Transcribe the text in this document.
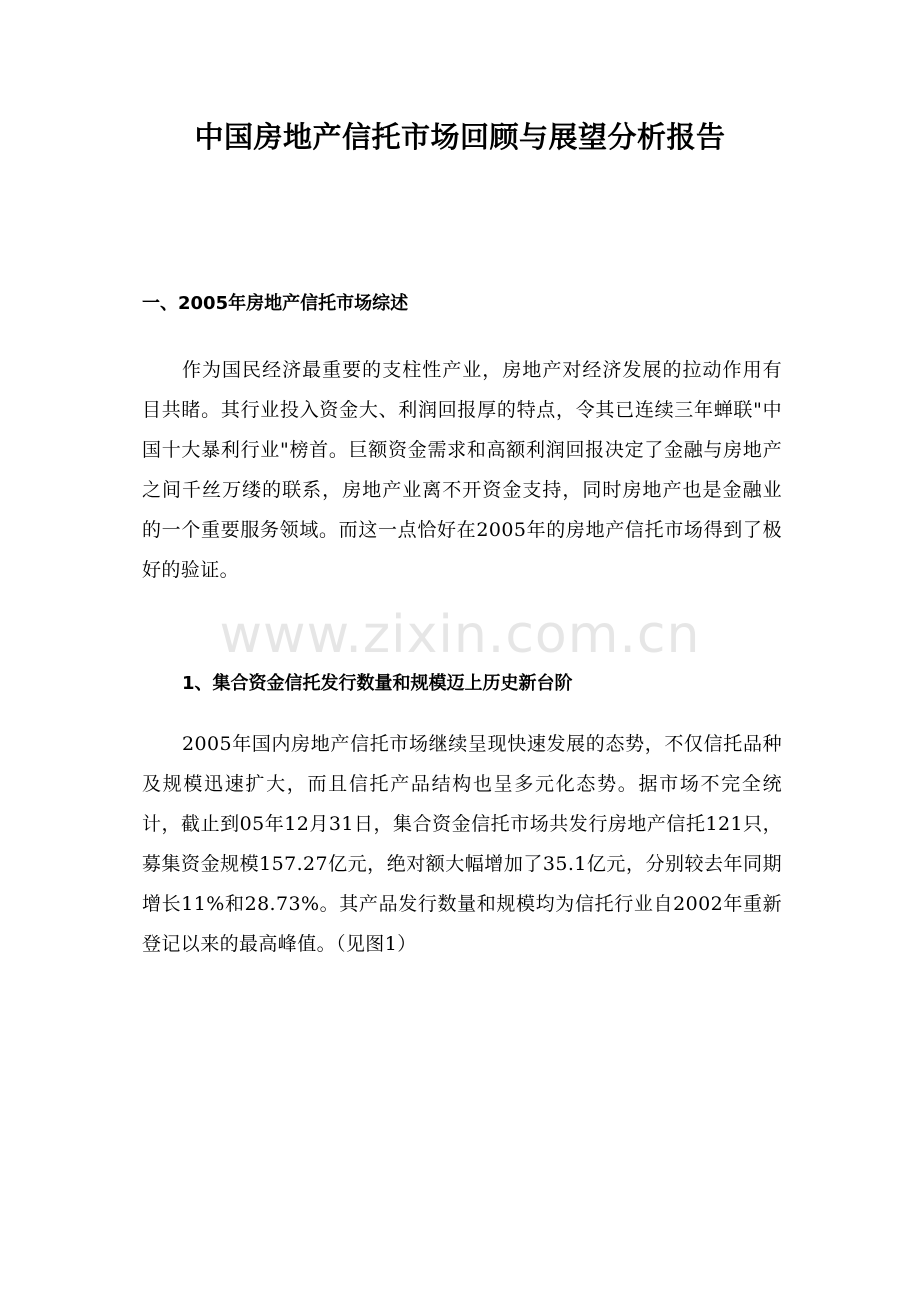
中国房地产信托市场回顾与展望分析报告
一、2005年房地产信托市场综述

作为国民经济最重要的支柱性产业，房地产对经济发展的拉动作用有目共睹。其行业投入资金大、利润回报厚的特点，令其已连续三年蝉联"中国十大暴利行业"榜首。巨额资金需求和高额利润回报决定了金融与房地产之间千丝万缕的联系，房地产业离不开资金支持，同时房地产也是金融业的一个重要服务领域。而这一点恰好在2005年的房地产信托市场得到了极好的验证。

www.zixin.com.cn
1、集合资金信托发行数量和规模迈上历史新台阶

2005年国内房地产信托市场继续呈现快速发展的态势，不仅信托品种及规模迅速扩大，而且信托产品结构也呈多元化态势。据市场不完全统计，截止到05年12月31日，集合资金信托市场共发行房地产信托121只，募集资金规模157.27亿元，绝对额大幅增加了35.1亿元，分别较去年同期增长11%和28.73%。其产品发行数量和规模均为信托行业自2002年重新登记以来的最高峰值。（见图1）
